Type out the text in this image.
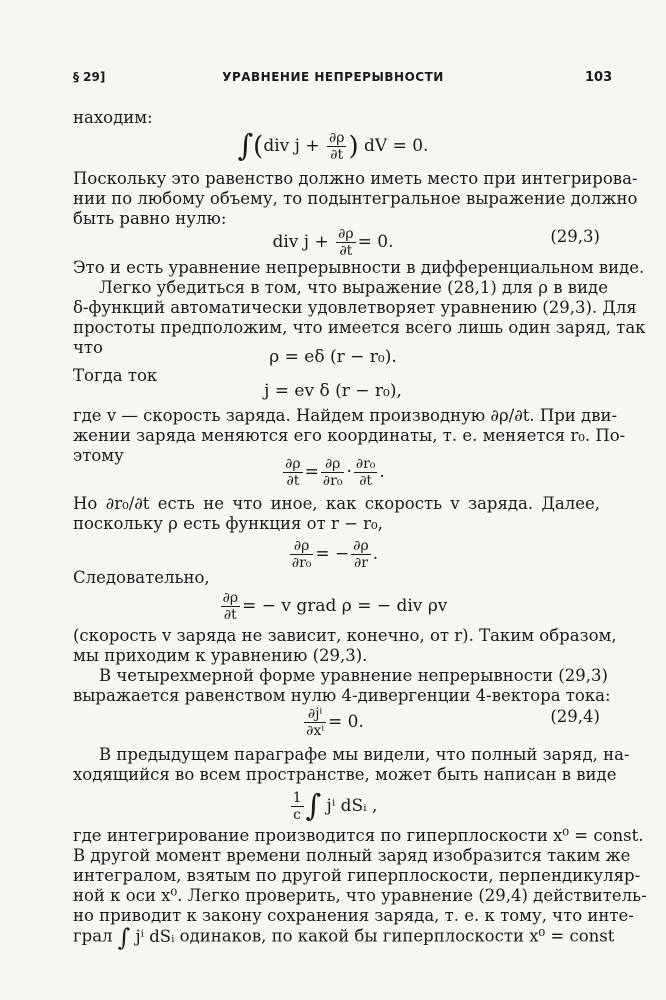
§ 29]	УРАВНЕНИЕ НЕПРЕРЫВНОСТИ	103
находим:
∫(div $j + \frac{\partial\rho}{\partial t}$ ) dV = 0.
Поскольку это равенство должно иметь место при интегрирова-
нии по любому объему, то подынтегральное выражение должно
быть равно нулю:
div $j + \frac{\partial\rho}{\partial t} = 0$.	(29,3)
Это и есть уравнение непрерывности в дифференциальном виде.
Легко убедиться в том, что выражение (28,1) для ρ в виде
δ-функций автоматически удовлетворяет уравнению (29,3). Для
простоты предположим, что имеется всего лишь один заряд, так
что	ρ = eδ (r − r₀).
Тогда ток
j = ev δ (r − r₀),
где v — скорость заряда. Найдем производную ∂ρ/∂t. При дви-
жении заряда меняются его координаты, т. е. меняется r₀. По-
этому
$\frac{\partial\rho}{\partial t} = \frac{\partial\rho}{\text{∂r₀}} \cdot \frac{\text{∂r₀}}{\partial t}$ .
Но ∂r₀/∂t есть не что иное, как скорость v заряда. Далее,
поскольку ρ есть функция от r − r₀,
$\frac{\partial\rho}{\text{∂r₀}}$ = − $\frac{\partial\rho}{\partial r}$ .
Следовательно,
$\frac{\partial\rho}{\partial t}$ = − v grad ρ = − div ρv
(скорость v заряда не зависит, конечно, от r). Таким образом,
мы приходим к уравнению (29,3).
В четырехмерной форме уравнение непрерывности (29,3)
выражается равенством нулю 4-дивергенции 4-вектора тока:
$\frac{\text{∂jⁱ}}{\text{∂xⁱ}} = 0$.	(29,4)
В предыдущем параграфе мы видели, что полный заряд, на-
ходящийся во всем пространстве, может быть написан в виде
$\frac{1}{c}$ ∫ jⁱ dSᵢ ,
где интегрирование производится по гиперплоскости x⁰ = const.
В другой момент времени полный заряд изобразится таким же
интегралом, взятым по другой гиперплоскости, перпендикуляр-
ной к оси x⁰. Легко проверить, что уравнение (29,4) действитель-
но приводит к закону сохранения заряда, т. е. к тому, что инте-
грал ∫ jⁱ dSᵢ одинаков, по какой бы гиперплоскости x⁰ = const
